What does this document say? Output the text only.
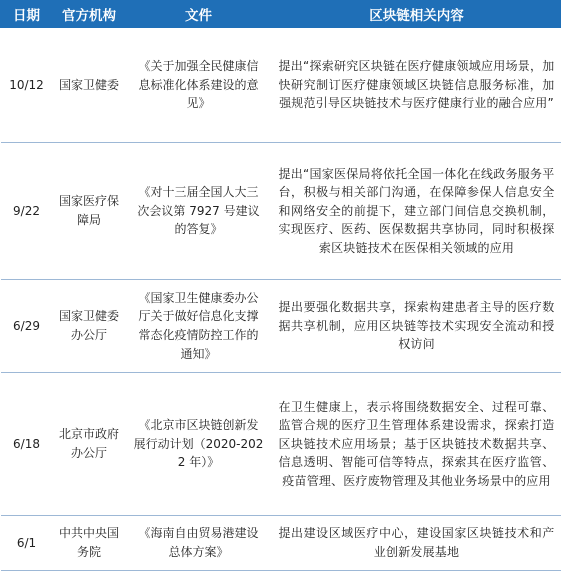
日期	官方机构	文件	区块链相关内容
10/12	国家卫健委	《关于加强全民健康信息标准化体系建设的意见》	提出“探索研究区块链在医疗健康领域应用场景，加快研究制订医疗健康领域区块链信息服务标准，加强规范引导区块链技术与医疗健康行业的融合应用”
9/22	国家医疗保障局	《对十三届全国人大三次会议第 7927 号建议的答复》	提出“国家医保局将依托全国一体化在线政务服务平台，积极与相关部门沟通，在保障参保人信息安全和网络安全的前提下，建立部门间信息交换机制，实现医疗、医药、医保数据共享协同，同时积极探索区块链技术在医保相关领域的应用
6/29	国家卫健委办公厅	《国家卫生健康委办公厅关于做好信息化支撑常态化疫情防控工作的通知》	提出要强化数据共享，探索构建患者主导的医疗数据共享机制，应用区块链等技术实现安全流动和授权访问
6/18	北京市政府办公厅	《北京市区块链创新发展行动计划（2020-2022 年）》	在卫生健康上，表示将围绕数据安全、过程可靠、监管合规的医疗卫生管理体系建设需求，探索打造区块链技术应用场景；基于区块链技术数据共享、信息透明、智能可信等特点，探索其在医疗监管、疫苗管理、医疗废物管理及其他业务场景中的应用
6/1	中共中央国务院	《海南自由贸易港建设总体方案》	提出建设区域医疗中心，建设国家区块链技术和产业创新发展基地
